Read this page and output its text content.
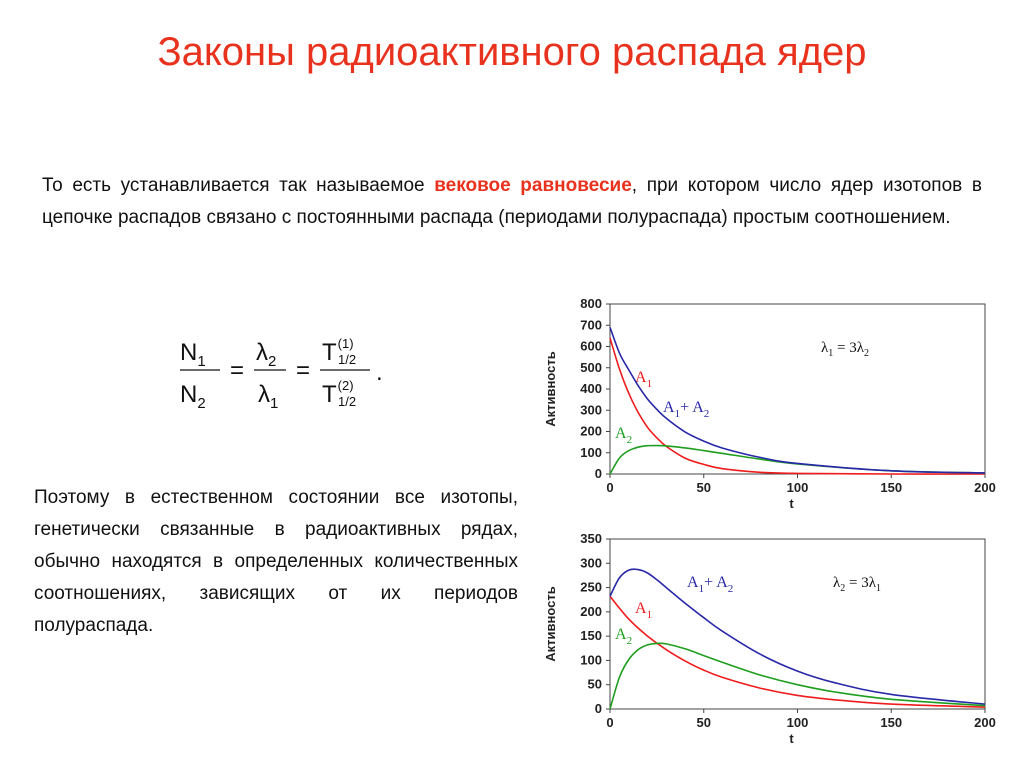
Законы радиоактивного распада ядер
То есть устанавливается так называемое вековое равновесие, при котором число ядер изотопов в цепочке распадов связано с постоянными распада (периодами полураспада) простым соотношением.
$N_1$
$N_2$
=
$\lambda_2$
$\lambda_1$
=
$T^{(1)}$
1/2
$T^{(2)}$
1/2
.
Поэтому в естественном состоянии все изотопы, генетически связанные в радиоактивных рядах, обычно находятся в определенных количественных соотношениях, зависящих от их периодов полураспада.
0
100
200
300
400
500
600
700
800
0	50	100	150	200
t
Активность	$A_1$
$A_2$
$A_1+ A_2$
$\lambda_1 = 3\lambda_2$
0
50
100
150
200
250
300
350
0	50	100	150	200
t
Активность	$A_1$
$A_2$
$A_1+ A_2$	$\lambda_2 = 3\lambda_1$
